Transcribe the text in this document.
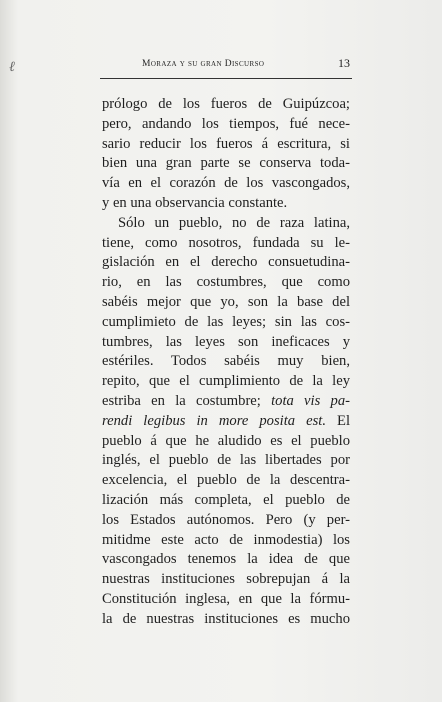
ℓ	Moraza y su gran Discurso	13
prólogo de los fueros de Guipúzcoa;
pero, andando los tiempos, fué nece-
sario reducir los fueros á escritura, si
bien una gran parte se conserva toda-
vía en el corazón de los vascongados,
y en una observancia constante.
Sólo un pueblo, no de raza latina,
tiene, como nosotros, fundada su le-
gislación en el derecho consuetudina-
rio, en las costumbres, que como
sabéis mejor que yo, son la base del
cumplimieto de las leyes; sin las cos-
tumbres, las leyes son ineficaces y
estériles. Todos sabéis muy bien,
repito, que el cumplimiento de la ley
estriba en la costumbre; tota vis pa-
rendi legibus in more posita est. El
pueblo á que he aludido es el pueblo
inglés, el pueblo de las libertades por
excelencia, el pueblo de la descentra-
lización más completa, el pueblo de
los Estados autónomos. Pero (y per-
mitidme este acto de inmodestia) los
vascongados tenemos la idea de que
nuestras instituciones sobrepujan á la
Constitución inglesa, en que la fórmu-
la de nuestras instituciones es mucho
